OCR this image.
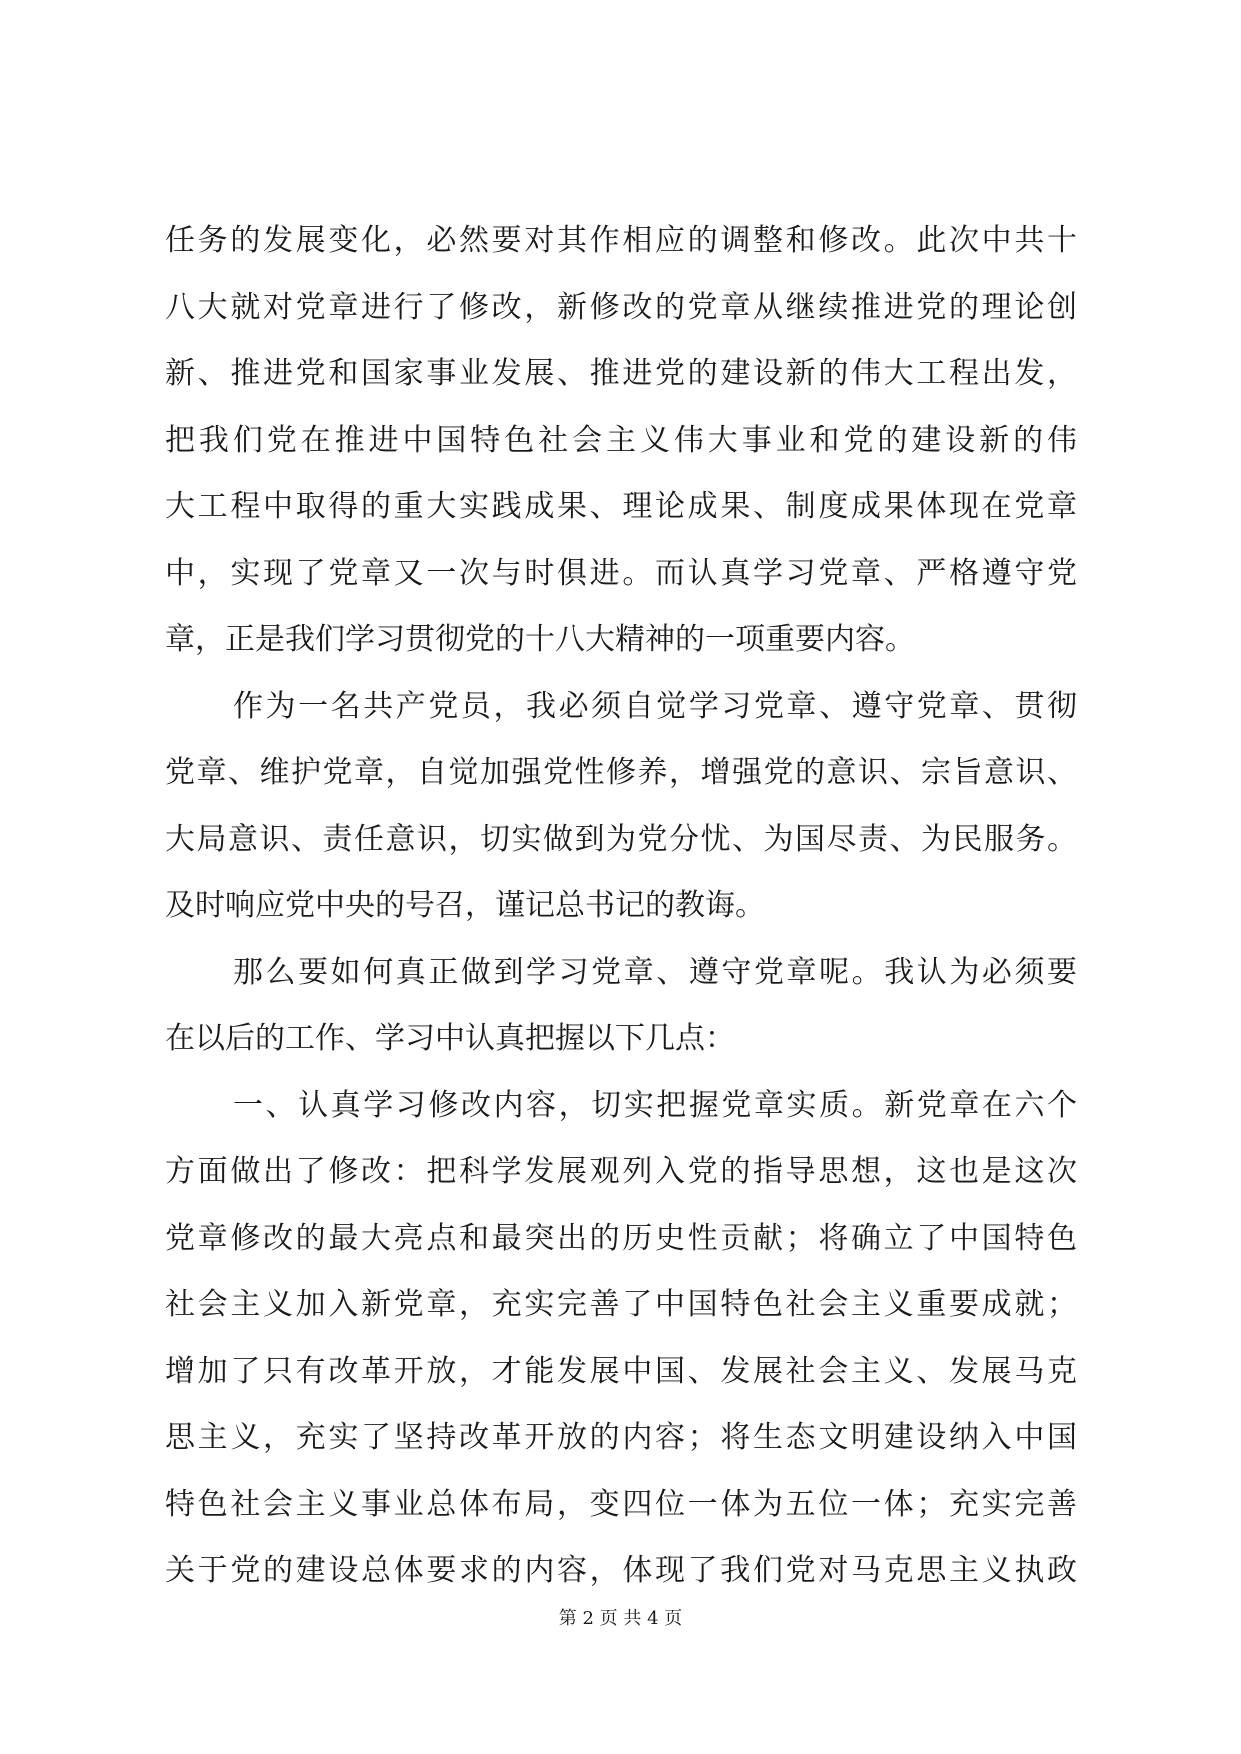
任务的发展变化，必然要对其作相应的调整和修改。此次中共十
八大就对党章进行了修改，新修改的党章从继续推进党的理论创
新、推进党和国家事业发展、推进党的建设新的伟大工程出发，
把我们党在推进中国特色社会主义伟大事业和党的建设新的伟
大工程中取得的重大实践成果、理论成果、制度成果体现在党章
中，实现了党章又一次与时俱进。而认真学习党章、严格遵守党
章，正是我们学习贯彻党的十八大精神的一项重要内容。
作为一名共产党员，我必须自觉学习党章、遵守党章、贯彻
党章、维护党章，自觉加强党性修养，增强党的意识、宗旨意识、
大局意识、责任意识，切实做到为党分忧、为国尽责、为民服务。
及时响应党中央的号召，谨记总书记的教诲。
那么要如何真正做到学习党章、遵守党章呢。我认为必须要
在以后的工作、学习中认真把握以下几点：
一、认真学习修改内容，切实把握党章实质。新党章在六个
方面做出了修改：把科学发展观列入党的指导思想，这也是这次
党章修改的最大亮点和最突出的历史性贡献；将确立了中国特色
社会主义加入新党章，充实完善了中国特色社会主义重要成就；
增加了只有改革开放，才能发展中国、发展社会主义、发展马克
思主义，充实了坚持改革开放的内容；将生态文明建设纳入中国
特色社会主义事业总体布局，变四位一体为五位一体；充实完善
关于党的建设总体要求的内容，体现了我们党对马克思主义执政
第 2 页 共 4 页
